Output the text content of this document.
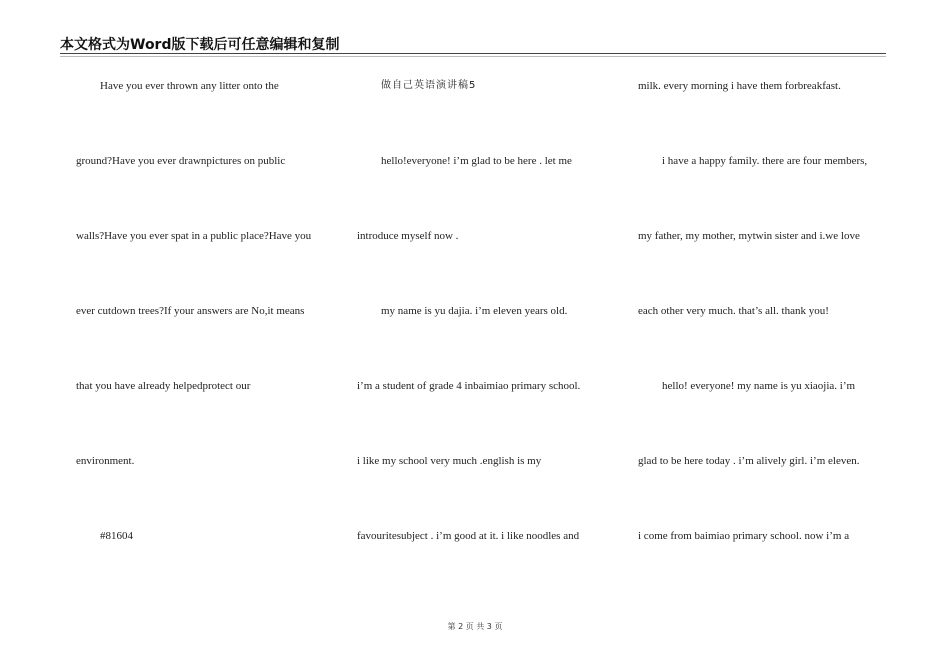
本文格式为Word版下载后可任意编辑和复制
Have you ever thrown any litter onto the
ground?Have you ever drawnpictures on public
walls?Have you ever spat in a public place?Have you
ever cutdown trees?If your answers are No,it means
that you have already helpedprotect our
environment.
#81604
做自己英语演讲稿5
hello!everyone! i’m glad to be here . let me
introduce myself now .
my name is yu dajia. i’m eleven years old.
i’m a student of grade 4 inbaimiao primary school.
i like my school very much .english is my
favouritesubject . i’m good at it. i like noodles and
milk. every morning i have them forbreakfast.
i have a happy family. there are four members,
my father, my mother, mytwin sister and i.we love
each other very much. that’s all. thank you!
hello! everyone! my name is yu xiaojia. i’m
glad to be here today . i’m alively girl. i’m eleven.
i come from baimiao primary school. now i’m a
第 2 页 共 3 页
